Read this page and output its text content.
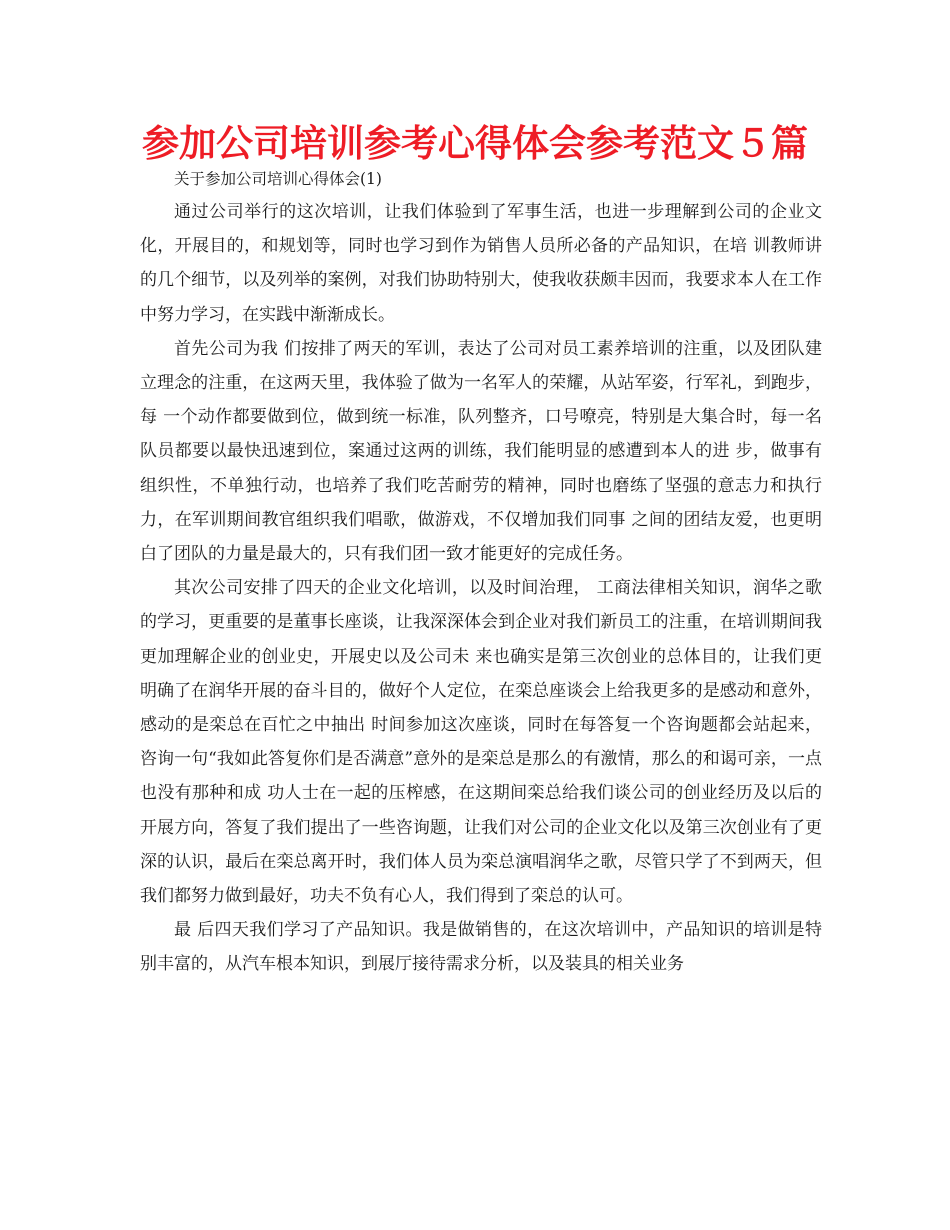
参加公司培训参考心得体会参考范文５篇

关于参加公司培训心得体会(1)

通过公司举行的这次培训，让我们体验到了军事生活，也进一步理解到公司的企业文化，开展目的，和规划等，同时也学习到作为销售人员所必备的产品知识，在培 训教师讲的几个细节，以及列举的案例，对我们协助特别大，使我收获颇丰因而，我要求本人在工作中努力学习，在实践中渐渐成长。

首先公司为我 们按排了两天的军训，表达了公司对员工素养培训的注重，以及团队建立理念的注重，在这两天里，我体验了做为一名军人的荣耀，从站军姿，行军礼，到跑步，每 一个动作都要做到位，做到统一标准，队列整齐，口号嘹亮，特别是大集合时，每一名队员都要以最快迅速到位，案通过这两的训练，我们能明显的感遭到本人的进 步，做事有组织性，不单独行动，也培养了我们吃苦耐劳的精神，同时也磨练了坚强的意志力和执行力，在军训期间教官组织我们唱歌，做游戏，不仅增加我们同事 之间的团结友爱，也更明白了团队的力量是最大的，只有我们团一致才能更好的完成任务。

其次公司安排了四天的企业文化培训，以及时间治理， 工商法律相关知识，润华之歌的学习，更重要的是董事长座谈，让我深深体会到企业对我们新员工的注重，在培训期间我更加理解企业的创业史，开展史以及公司未 来也确实是第三次创业的总体目的，让我们更明确了在润华开展的奋斗目的，做好个人定位，在栾总座谈会上给我更多的是感动和意外，感动的是栾总在百忙之中抽出 时间参加这次座谈，同时在每答复一个咨询题都会站起来，咨询一句“我如此答复你们是否满意”意外的是栾总是那么的有激情，那么的和谒可亲，一点也没有那种和成 功人士在一起的压榨感，在这期间栾总给我们谈公司的创业经历及以后的开展方向，答复了我们提出了一些咨询题，让我们对公司的企业文化以及第三次创业有了更深的认识，最后在栾总离开时，我们体人员为栾总演唱润华之歌，尽管只学了不到两天，但我们都努力做到最好，功夫不负有心人，我们得到了栾总的认可。

最 后四天我们学习了产品知识。我是做销售的，在这次培训中，产品知识的培训是特别丰富的，从汽车根本知识，到展厅接待需求分析，以及装具的相关业务
